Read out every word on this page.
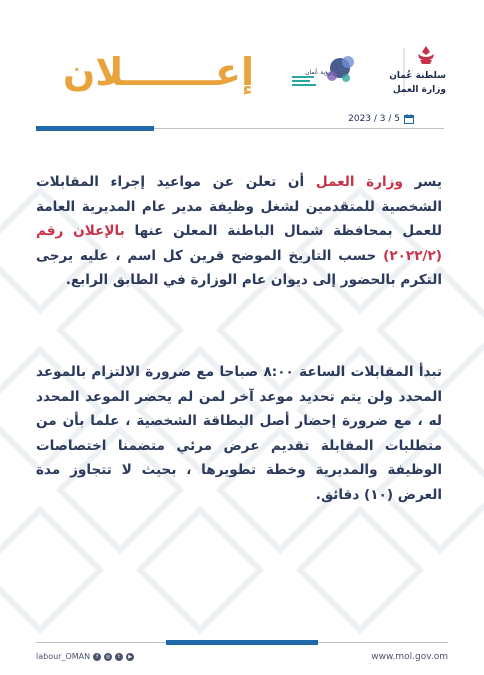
سلطنة عُمان
وزارة العمل
رؤية عُمان
إعـــــــلان
2023 / 3 / 5
يسر وزارة العمل أن تعلن عن مواعيد إجراء المقابلات الشخصية للمتقدمين لشغل وظيفة مدير عام المديرية العامة للعمل بمحافظة شمال الباطنة المعلن عنها بالإعلان رقم (٢٠٢٢/٢) حسب التاريخ الموضح قرين كل اسم ، عليه يرجى التكرم بالحضور إلى ديوان عام الوزارة في الطابق الرابع.
تبدأ المقابلات الساعة ٨:٠٠ صباحا مع ضرورة الالتزام بالموعد المحدد ولن يتم تحديد موعد آخر لمن لم يحضر الموعد المحدد له ، مع ضرورة إحضار أصل البطاقة الشخصية ، علما بأن من متطلبات المقابلة تقديم عرض مرئي متضمنا اختصاصات الوظيفة والمديرية وخطة تطويرها ، بحيث لا تتجاوز مدة العرض (١٠) دقائق.
labour_OMAN	f	◎	t	▶	www.mol.gov.om
